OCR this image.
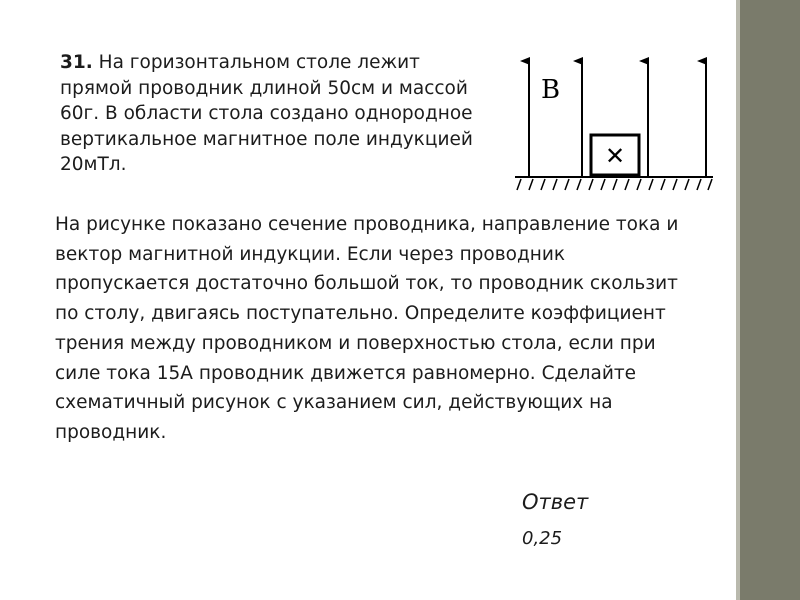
31. На горизонтальном столе лежит прямой проводник длиной 50см и массой 60г. В области стола создано однородное вертикальное магнитное поле индукцией 20мТл.

B
✕

На рисунке показано сечение проводника, направление тока и вектор магнитной индукции. Если через проводник пропускается достаточно большой ток, то проводник скользит по столу, двигаясь поступательно. Определите коэффициент трения между проводником и поверхностью стола, если при силе тока 15А проводник движется равномерно. Сделайте схематичный рисунок с указанием сил, действующих на проводник.

Ответ

0,25
